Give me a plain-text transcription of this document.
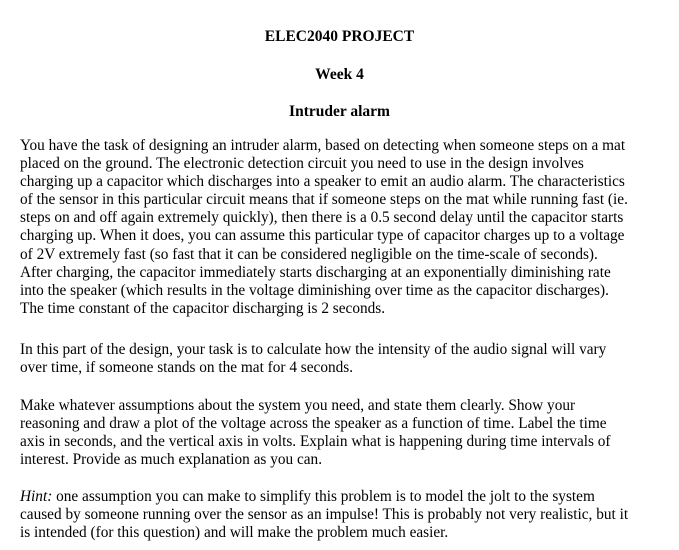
ELEC2040 PROJECT
Week 4
Intruder alarm

You have the task of designing an intruder alarm, based on detecting when someone steps on a mat
placed on the ground. The electronic detection circuit you need to use in the design involves
charging up a capacitor which discharges into a speaker to emit an audio alarm. The characteristics
of the sensor in this particular circuit means that if someone steps on the mat while running fast (ie.
steps on and off again extremely quickly), then there is a 0.5 second delay until the capacitor starts
charging up. When it does, you can assume this particular type of capacitor charges up to a voltage
of 2V extremely fast (so fast that it can be considered negligible on the time-scale of seconds).
After charging, the capacitor immediately starts discharging at an exponentially diminishing rate
into the speaker (which results in the voltage diminishing over time as the capacitor discharges).
The time constant of the capacitor discharging is 2 seconds.

In this part of the design, your task is to calculate how the intensity of the audio signal will vary
over time, if someone stands on the mat for 4 seconds.

Make whatever assumptions about the system you need, and state them clearly. Show your
reasoning and draw a plot of the voltage across the speaker as a function of time. Label the time
axis in seconds, and the vertical axis in volts. Explain what is happening during time intervals of
interest. Provide as much explanation as you can.

Hint: one assumption you can make to simplify this problem is to model the jolt to the system
caused by someone running over the sensor as an impulse! This is probably not very realistic, but it
is intended (for this question) and will make the problem much easier.
